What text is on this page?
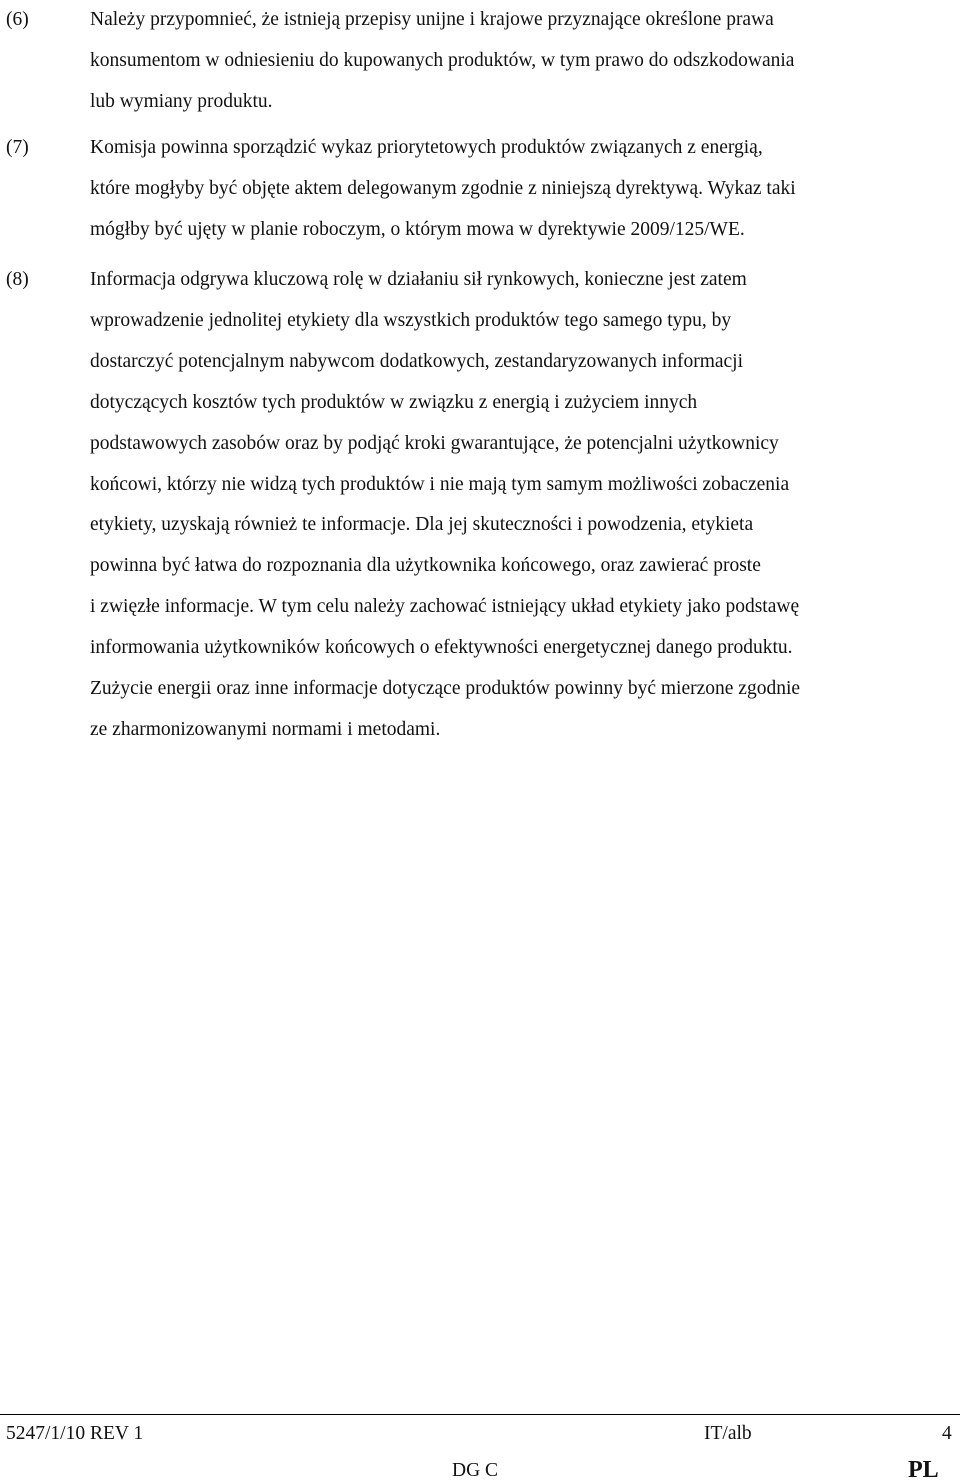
(6)	Należy przypomnieć, że istnieją przepisy unijne i krajowe przyznające określone prawa
konsumentom w odniesieniu do kupowanych produktów, w tym prawo do odszkodowania
lub wymiany produktu.
(7)	Komisja powinna sporządzić wykaz priorytetowych produktów związanych z energią,
które mogłyby być objęte aktem delegowanym zgodnie z niniejszą dyrektywą. Wykaz taki
mógłby być ujęty w planie roboczym, o którym mowa w dyrektywie 2009/125/WE.
(8)	Informacja odgrywa kluczową rolę w działaniu sił rynkowych, konieczne jest zatem
wprowadzenie jednolitej etykiety dla wszystkich produktów tego samego typu, by
dostarczyć potencjalnym nabywcom dodatkowych, zestandaryzowanych informacji
dotyczących kosztów tych produktów w związku z energią i zużyciem innych
podstawowych zasobów oraz by podjąć kroki gwarantujące, że potencjalni użytkownicy
końcowi, którzy nie widzą tych produktów i nie mają tym samym możliwości zobaczenia
etykiety, uzyskają również te informacje. Dla jej skuteczności i powodzenia, etykieta
powinna być łatwa do rozpoznania dla użytkownika końcowego, oraz zawierać proste
i zwięzłe informacje. W tym celu należy zachować istniejący układ etykiety jako podstawę
informowania użytkowników końcowych o efektywności energetycznej danego produktu.
Zużycie energii oraz inne informacje dotyczące produktów powinny być mierzone zgodnie
ze zharmonizowanymi normami i metodami.
5247/1/10 REV 1	IT/alb	4
DG C	PL
